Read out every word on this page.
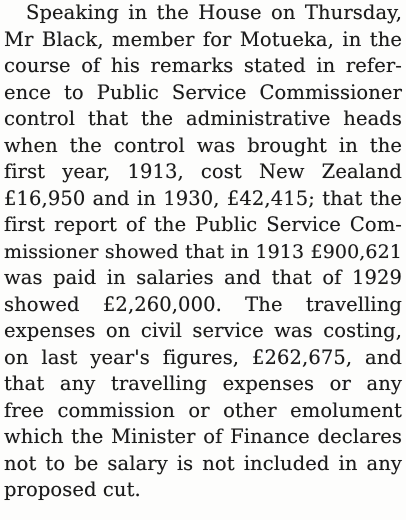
Speaking in the House on Thursday,
Mr Black, member for Motueka, in the
course of his remarks stated in refer-
ence to Public Service Commissioner
control that the administrative heads
when the control was brought in the
first year, 1913, cost New Zealand
£16,950 and in 1930, £42,415; that the
first report of the Public Service Com-
missioner showed that in 1913 £900,621
was paid in salaries and that of 1929
showed £2,260,000. The travelling
expenses on civil service was costing,
on last year's figures, £262,675, and
that any travelling expenses or any
free commission or other emolument
which the Minister of Finance declares
not to be salary is not included in any
proposed cut.
